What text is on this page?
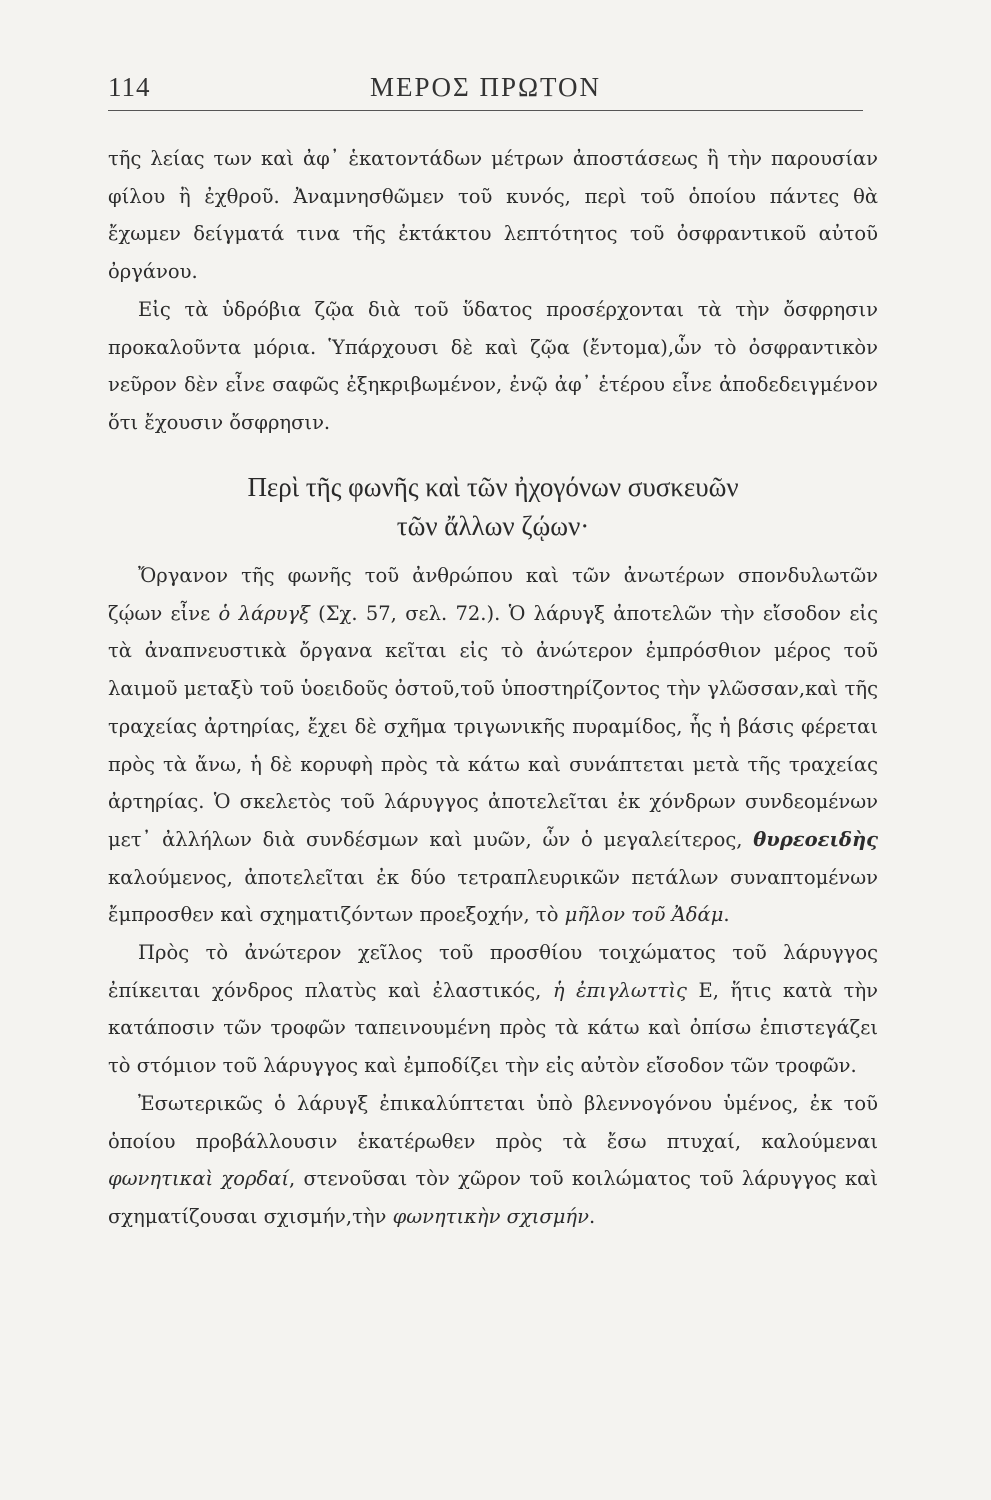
114	ΜΕΡΟΣ ΠΡΩΤΟΝ

τῆς λείας των καὶ ἀφ᾽ ἑκατοντάδων μέτρων ἀποστάσεως ἢ τὴν παρουσίαν φίλου ἢ ἐχθροῦ. Ἀναμνησθῶμεν τοῦ κυνός, περὶ τοῦ ὁποίου πάντες θὰ ἔχωμεν δείγματά τινα τῆς ἐκτάκτου λεπτότητος τοῦ ὀσφραντικοῦ αὐτοῦ ὀργάνου.

Εἰς τὰ ὑδρόβια ζῷα διὰ τοῦ ὕδατος προσέρχονται τὰ τὴν ὄσφρησιν προκαλοῦντα μόρια. Ὑπάρχουσι δὲ καὶ ζῷα (ἔντομα),ὧν τὸ ὀσφραντικὸν νεῦρον δὲν εἶνε σαφῶς ἐξηκριβωμένον, ἐνῷ ἀφ᾽ ἑτέρου εἶνε ἀποδεδειγμένον ὅτι ἔχουσιν ὄσφρησιν.

Περὶ τῆς φωνῆς καὶ τῶν ἠχογόνων συσκευῶν
τῶν ἄλλων ζῴων·

Ὄργανον τῆς φωνῆς τοῦ ἀνθρώπου καὶ τῶν ἀνωτέρων σπονδυλωτῶν ζῴων εἶνε ὁ λάρυγξ (Σχ. 57, σελ. 72.). Ὁ λάρυγξ ἀποτελῶν τὴν εἴσοδον εἰς τὰ ἀναπνευστικὰ ὄργανα κεῖται εἰς τὸ ἀνώτερον ἐμπρόσθιον μέρος τοῦ λαιμοῦ μεταξὺ τοῦ ὑοειδοῦς ὀστοῦ,τοῦ ὑποστηρίζοντος τὴν γλῶσσαν,καὶ τῆς τραχείας ἀρτηρίας, ἔχει δὲ σχῆμα τριγωνικῆς πυραμίδος, ἧς ἡ βάσις φέρεται πρὸς τὰ ἄνω, ἡ δὲ κορυφὴ πρὸς τὰ κάτω καὶ συνάπτεται μετὰ τῆς τραχείας ἀρτηρίας. Ὁ σκελετὸς τοῦ λάρυγγος ἀποτελεῖται ἐκ χόνδρων συνδεομένων μετ᾽ ἀλλήλων διὰ συνδέσμων καὶ μυῶν, ὧν ὁ μεγαλείτερος, θυρεοειδὴς καλούμενος, ἀποτελεῖται ἐκ δύο τετραπλευρικῶν πετάλων συναπτομένων ἔμπροσθεν καὶ σχηματιζόντων προεξοχήν, τὸ μῆλον τοῦ Ἀδάμ.

Πρὸς τὸ ἀνώτερον χεῖλος τοῦ προσθίου τοιχώματος τοῦ λάρυγγος ἐπίκειται χόνδρος πλατὺς καὶ ἐλαστικός, ἡ ἐπιγλωττὶς Ε, ἥτις κατὰ τὴν κατάποσιν τῶν τροφῶν ταπεινουμένη πρὸς τὰ κάτω καὶ ὀπίσω ἐπιστεγάζει τὸ στόμιον τοῦ λάρυγγος καὶ ἐμποδίζει τὴν εἰς αὐτὸν εἴσοδον τῶν τροφῶν.

Ἐσωτερικῶς ὁ λάρυγξ ἐπικαλύπτεται ὑπὸ βλεννογόνου ὑμένος, ἐκ τοῦ ὁποίου προβάλλουσιν ἑκατέρωθεν πρὸς τὰ ἔσω πτυχαί, καλούμεναι φωνητικαὶ χορδαί, στενοῦσαι τὸν χῶρον τοῦ κοιλώματος τοῦ λάρυγγος καὶ σχηματίζουσαι σχισμήν,τὴν φωνητικὴν σχισμήν.
